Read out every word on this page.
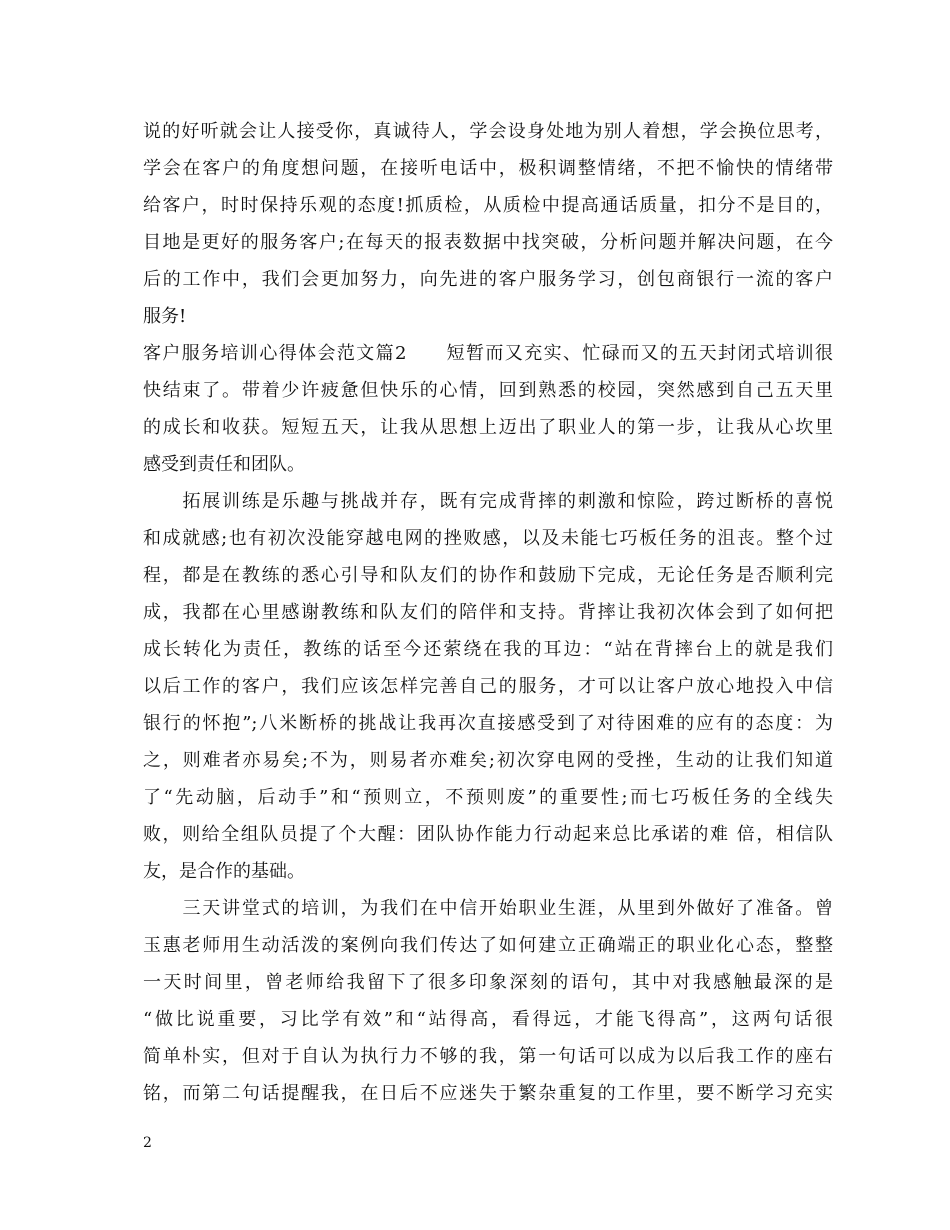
说的好听就会让人接受你，真诚待人，学会设身处地为别人着想，学会换位思考，
学会在客户的角度想问题，在接听电话中，极积调整情绪，不把不愉快的情绪带
给客户，时时保持乐观的态度!抓质检，从质检中提高通话质量，扣分不是目的，
目地是更好的服务客户;在每天的报表数据中找突破，分析问题并解决问题，在今
后的工作中，我们会更加努力，向先进的客户服务学习，创包商银行一流的客户
服务!
客户服务培训心得体会范文篇2　　短暂而又充实、忙碌而又的五天封闭式培训很
快结束了。带着少许疲惫但快乐的心情，回到熟悉的校园，突然感到自己五天里
的成长和收获。短短五天，让我从思想上迈出了职业人的第一步，让我从心坎里
感受到责任和团队。
　　拓展训练是乐趣与挑战并存，既有完成背摔的刺激和惊险，跨过断桥的喜悦
和成就感;也有初次没能穿越电网的挫败感，以及未能七巧板任务的沮丧。整个过
程，都是在教练的悉心引导和队友们的协作和鼓励下完成，无论任务是否顺利完
成，我都在心里感谢教练和队友们的陪伴和支持。背摔让我初次体会到了如何把
成长转化为责任，教练的话至今还萦绕在我的耳边：“站在背摔台上的就是我们
以后工作的客户，我们应该怎样完善自己的服务，才可以让客户放心地投入中信
银行的怀抱”;八米断桥的挑战让我再次直接感受到了对待困难的应有的态度：为
之，则难者亦易矣;不为，则易者亦难矣;初次穿电网的受挫，生动的让我们知道
了“先动脑，后动手”和“预则立，不预则废”的重要性;而七巧板任务的全线失
败，则给全组队员提了个大醒：团队协作能力行动起来总比承诺的难 倍，相信队
友，是合作的基础。
　　三天讲堂式的培训，为我们在中信开始职业生涯，从里到外做好了准备。曾
玉惠老师用生动活泼的案例向我们传达了如何建立正确端正的职业化心态，整整
一天时间里，曾老师给我留下了很多印象深刻的语句，其中对我感触最深的是
“做比说重要，习比学有效”和“站得高，看得远，才能飞得高”，这两句话很
简单朴实，但对于自认为执行力不够的我，第一句话可以成为以后我工作的座右
铭，而第二句话提醒我，在日后不应迷失于繁杂重复的工作里，要不断学习充实
2
